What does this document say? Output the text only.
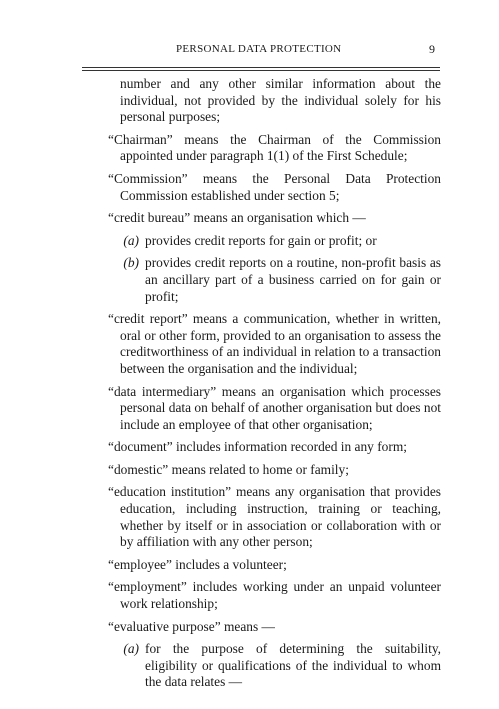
PERSONAL DATA PROTECTION	9

number and any other similar information about the individual, not provided by the individual solely for his personal purposes;

“Chairman” means the Chairman of the Commission appointed under paragraph 1(1) of the First Schedule;

“Commission” means the Personal Data Protection Commission established under section 5;

“credit bureau” means an organisation which —

(a) provides credit reports for gain or profit; or
(b) provides credit reports on a routine, non-profit basis as an ancillary part of a business carried on for gain or profit;

“credit report” means a communication, whether in written, oral or other form, provided to an organisation to assess the creditworthiness of an individual in relation to a transaction between the organisation and the individual;

“data intermediary” means an organisation which processes personal data on behalf of another organisation but does not include an employee of that other organisation;

“document” includes information recorded in any form;

“domestic” means related to home or family;

“education institution” means any organisation that provides education, including instruction, training or teaching, whether by itself or in association or collaboration with or by affiliation with any other person;

“employee” includes a volunteer;

“employment” includes working under an unpaid volunteer work relationship;

“evaluative purpose” means —

(a) for the purpose of determining the suitability, eligibility or qualifications of the individual to whom the data relates —
